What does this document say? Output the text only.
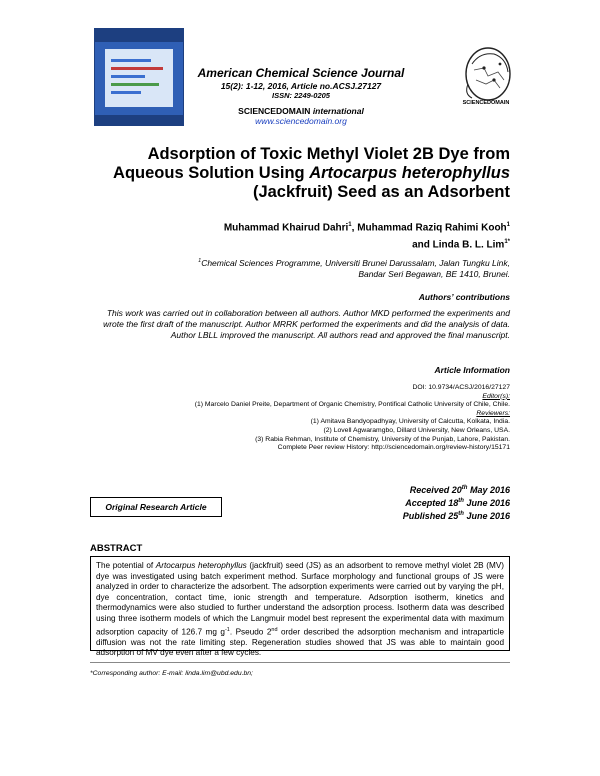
American Chemical Science Journal
15(2): 1-12, 2016, Article no.ACSJ.27127
ISSN: 2249-0205
SCIENCEDOMAIN international
www.sciencedomain.org
SCIENCEDOMAIN
Adsorption of Toxic Methyl Violet 2B Dye from
Aqueous Solution Using Artocarpus heterophyllus
(Jackfruit) Seed as an Adsorbent
Muhammad Khairud Dahri$^1$, Muhammad Raziq Rahimi Kooh$^1$
and Linda B. L. Lim$^{1*}$
$^1$Chemical Sciences Programme, Universiti Brunei Darussalam, Jalan Tungku Link,
Bandar Seri Begawan, BE 1410, Brunei.
Authors’ contributions
This work was carried out in collaboration between all authors. Author MKD performed the experiments and wrote the first draft of the manuscript. Author MRRK performed the experiments and did the analysis of data. Author LBLL improved the manuscript. All authors read and approved the final manuscript.
Article Information
DOI: 10.9734/ACSJ/2016/27127
Editor(s):
(1) Marcelo Daniel Preite, Department of Organic Chemistry, Pontifical Catholic University of Chile, Chile.
Reviewers:
(1) Amitava Bandyopadhyay, University of Calcutta, Kolkata, India.
(2) Lovell Agwaramgbo, Dillard University, New Orleans, USA.
(3) Rabia Rehman, Institute of Chemistry, University of the Punjab, Lahore, Pakistan.
Complete Peer review History: http://sciencedomain.org/review-history/15171
Received 20th May 2016
Accepted 18th June 2016
Published 25th June 2016
Original Research Article
ABSTRACT
The potential of Artocarpus heterophyllus (jackfruit) seed (JS) as an adsorbent to remove methyl violet 2B (MV) dye was investigated using batch experiment method. Surface morphology and functional groups of JS were analyzed in order to characterize the adsorbent. The adsorption experiments were carried out by varying the pH, dye concentration, contact time, ionic strength and temperature. Adsorption isotherm, kinetics and thermodynamics were also studied to further understand the adsorption process. Isotherm data was described using three isotherm models of which the Langmuir model best represent the experimental data with maximum adsorption capacity of 126.7 mg $g^{-1}$. Pseudo 2nd order described the adsorption mechanism and intraparticle diffusion was not the rate limiting step. Regeneration studies showed that JS was able to maintain good adsorption of MV dye even after a few cycles.
*Corresponding author: E-mail: linda.lim@ubd.edu.bn;
